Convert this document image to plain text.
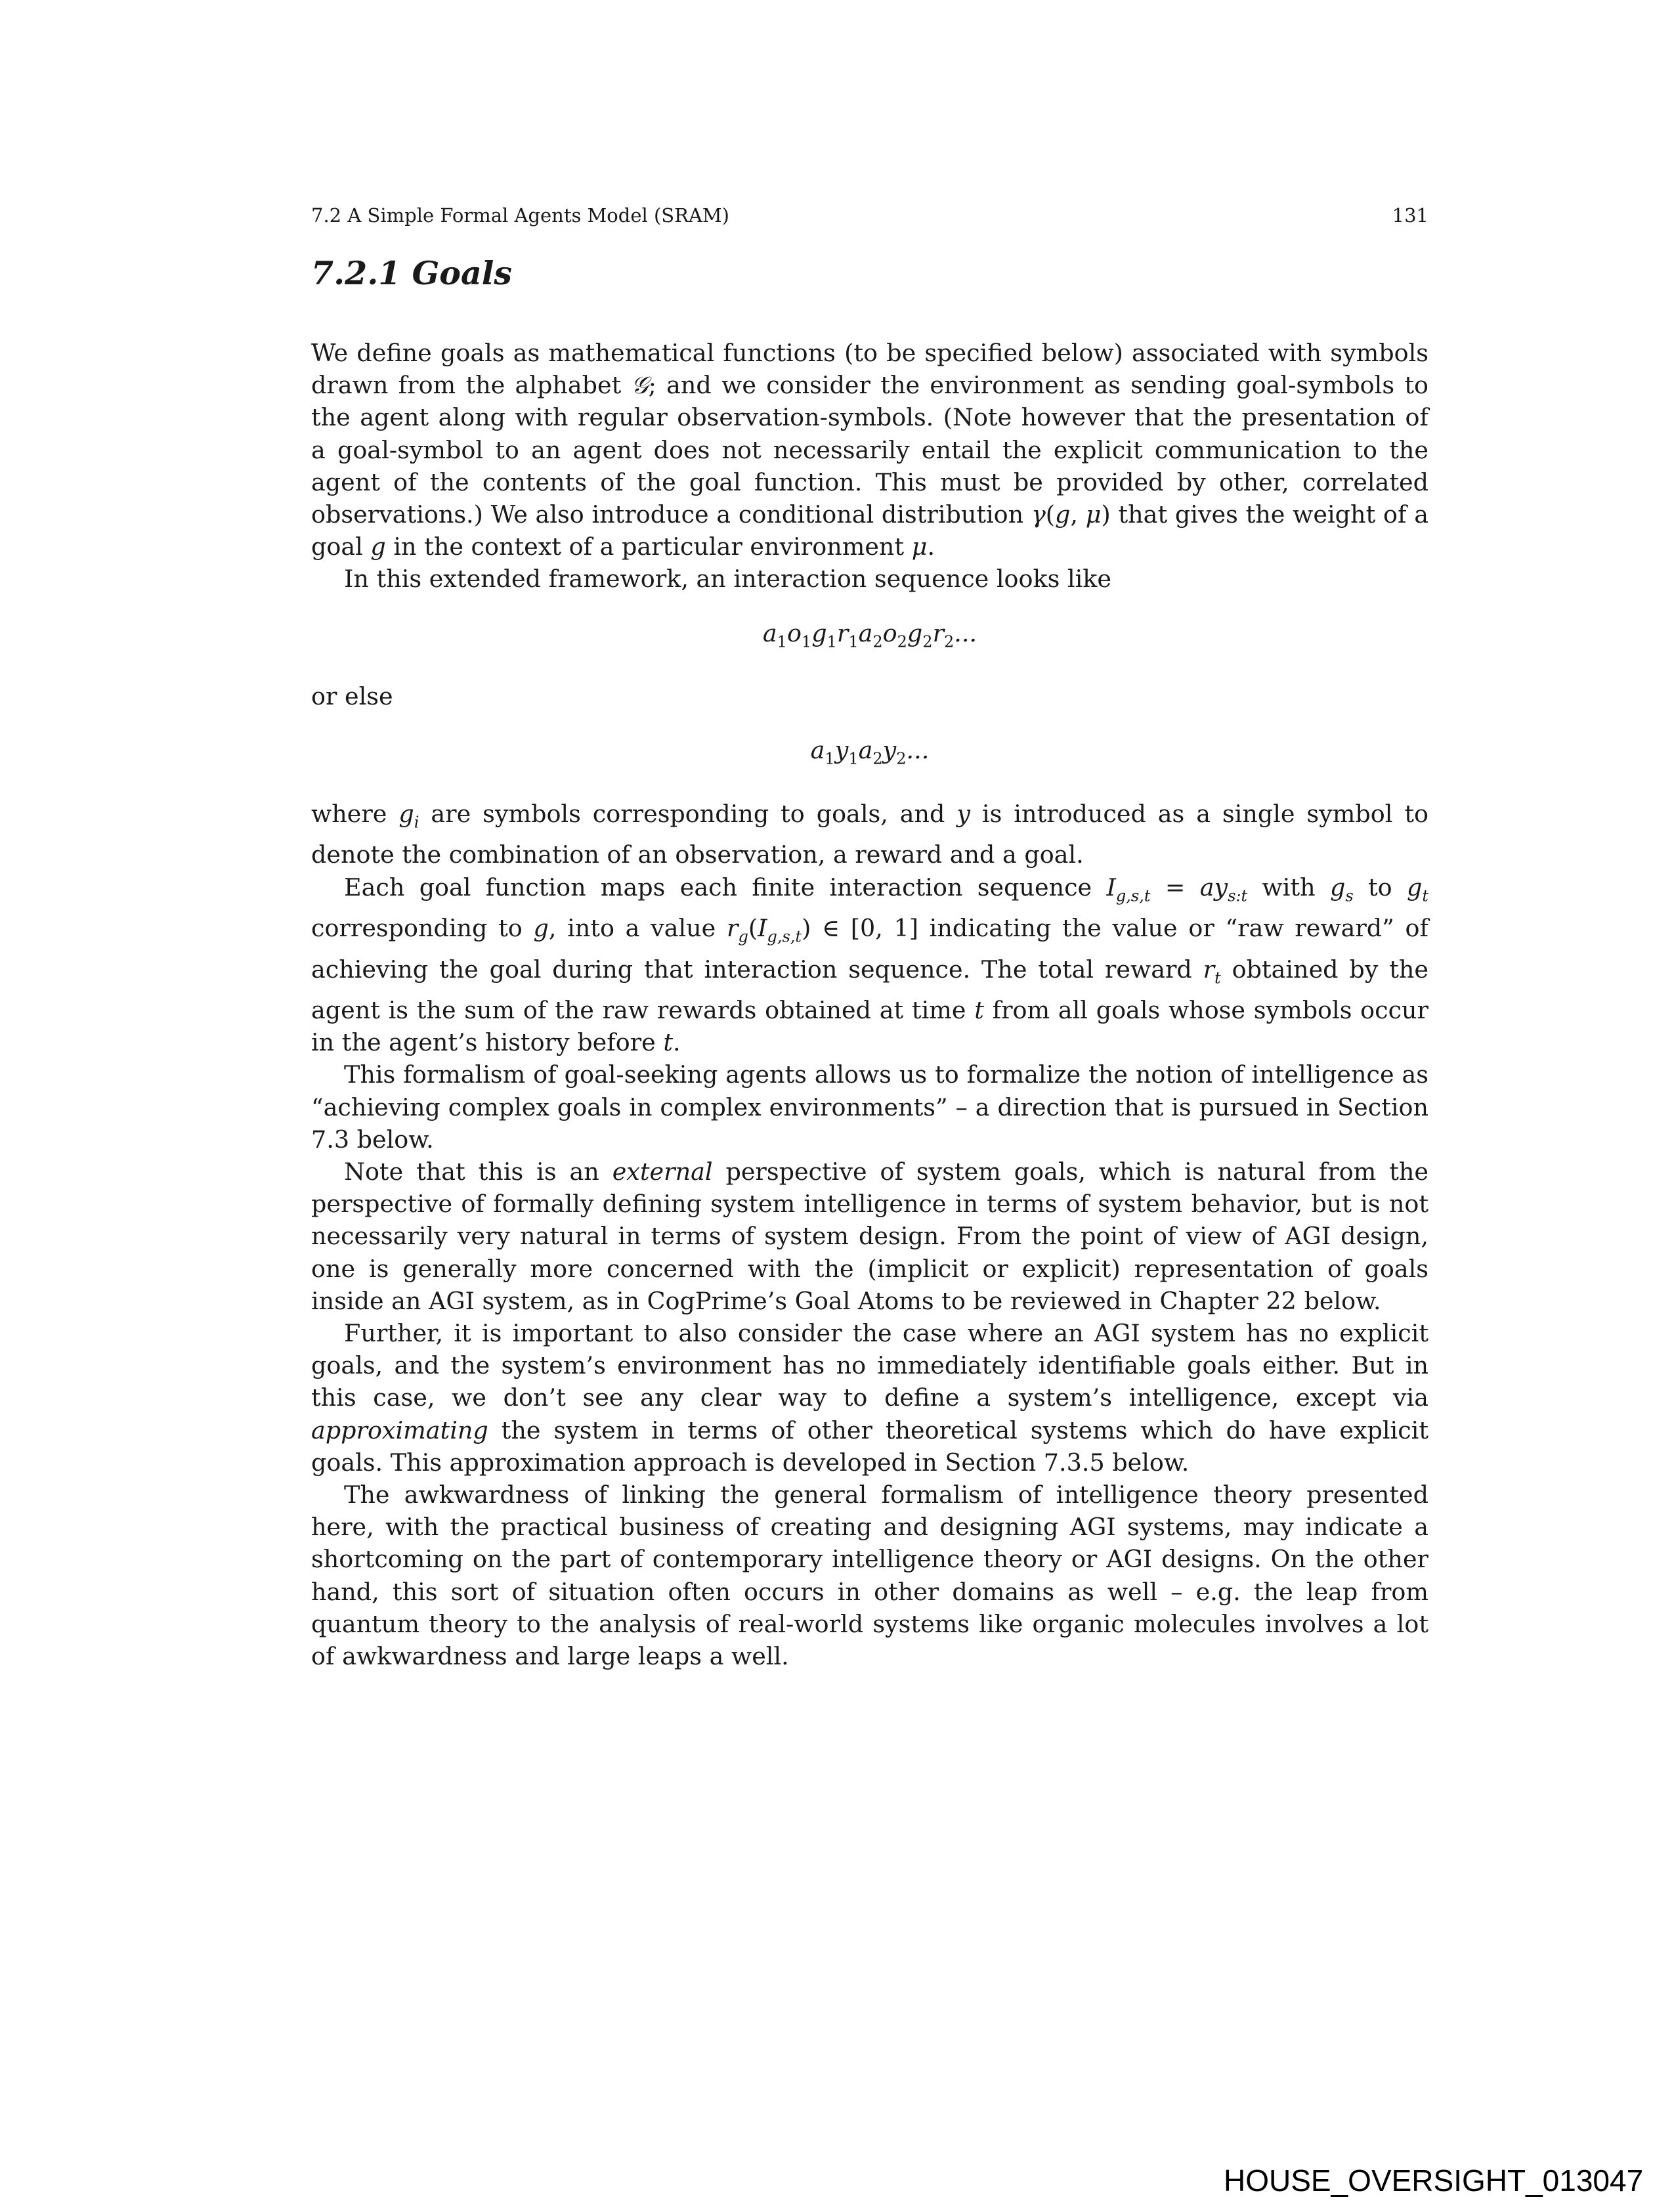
7.2 A Simple Formal Agents Model (SRAM)	131
7.2.1 Goals

We define goals as mathematical functions (to be specified below) associated with symbols drawn from the alphabet 𝒢; and we consider the environment as sending goal-symbols to the agent along with regular observation-symbols. (Note however that the presentation of a goal-symbol to an agent does not necessarily entail the explicit communication to the agent of the contents of the goal function. This must be provided by other, correlated observations.) We also introduce a conditional distribution γ(g, μ) that gives the weight of a goal g in the context of a particular environment μ.

In this extended framework, an interaction sequence looks like

$a_1o_1g_1r_1a_2o_2g_2r_2$...

or else

$a_1y_1a_2y_2$...

where $g_i$ are symbols corresponding to goals, and y is introduced as a single symbol to denote the combination of an observation, a reward and a goal.

Each goal function maps each finite interaction sequence $I_{g,s,t} = ay_{s:t}$ with $g_s$ to $g_t$ corresponding to g, into a value $r_g(I_{g,s,t})$ ∈ [0, 1] indicating the value or “raw reward” of achieving the goal during that interaction sequence. The total reward $r_t$ obtained by the agent is the sum of the raw rewards obtained at time t from all goals whose symbols occur in the agent’s history before t.

This formalism of goal-seeking agents allows us to formalize the notion of intelligence as “achieving complex goals in complex environments” – a direction that is pursued in Section 7.3 below.

Note that this is an external perspective of system goals, which is natural from the perspective of formally defining system intelligence in terms of system behavior, but is not necessarily very natural in terms of system design. From the point of view of AGI design, one is generally more concerned with the (implicit or explicit) representation of goals inside an AGI system, as in CogPrime’s Goal Atoms to be reviewed in Chapter 22 below.

Further, it is important to also consider the case where an AGI system has no explicit goals, and the system’s environment has no immediately identifiable goals either. But in this case, we don’t see any clear way to define a system’s intelligence, except via approximating the system in terms of other theoretical systems which do have explicit goals. This approximation approach is developed in Section 7.3.5 below.

The awkwardness of linking the general formalism of intelligence theory presented here, with the practical business of creating and designing AGI systems, may indicate a shortcoming on the part of contemporary intelligence theory or AGI designs. On the other hand, this sort of situation often occurs in other domains as well – e.g. the leap from quantum theory to the analysis of real-world systems like organic molecules involves a lot of awkwardness and large leaps a well.

HOUSE_OVERSIGHT_013047
